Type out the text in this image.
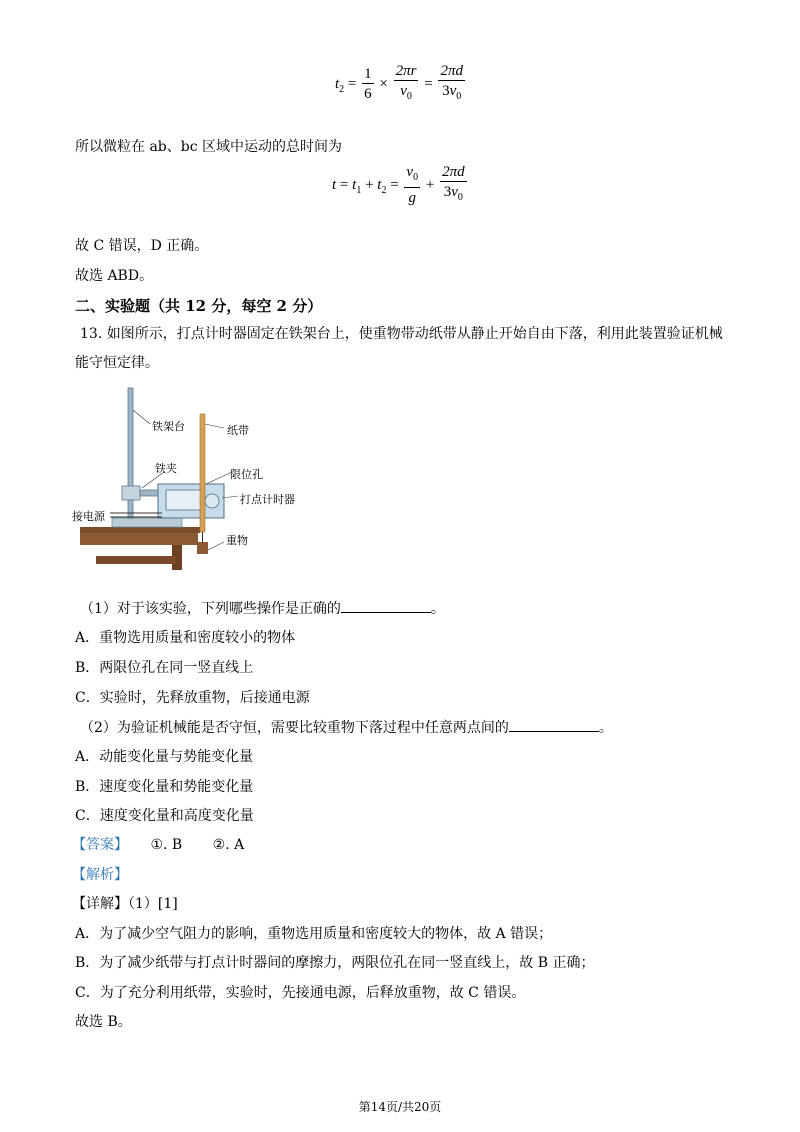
$t_2 = \frac{1}{6} \times \frac{2\pi r}{v_0} = \frac{2\pi d}{3v_0}$
所以微粒在 ab、bc 区域中运动的总时间为
$t = t_1 + t_2 = \frac{v_0}{g} + \frac{2\pi d}{3v_0}$
故 C 错误，D 正确。
故选 ABD。
二、实验题（共 12 分，每空 2 分）
13. 如图所示，打点计时器固定在铁架台上，使重物带动纸带从静止开始自由下落，利用此装置验证机械
能守恒定律。
铁架台	纸带
铁夹	限位孔
打点计时器
接电源
重物
（1）对于该实验，下列哪些操作是正确的	。
A．重物选用质量和密度较小的物体
B．两限位孔在同一竖直线上
C．实验时，先释放重物，后接通电源
（2）为验证机械能是否守恒，需要比较重物下落过程中任意两点间的	。
A．动能变化量与势能变化量
B．速度变化量和势能变化量
C．速度变化量和高度变化量
【答案】 ①. B ②. A
【解析】
【详解】（1）[1]
A．为了减少空气阻力的影响，重物选用质量和密度较大的物体，故 A 错误；
B．为了减少纸带与打点计时器间的摩擦力，两限位孔在同一竖直线上，故 B 正确；
C．为了充分利用纸带，实验时，先接通电源，后释放重物，故 C 错误。
故选 B。
第14页/共20页
